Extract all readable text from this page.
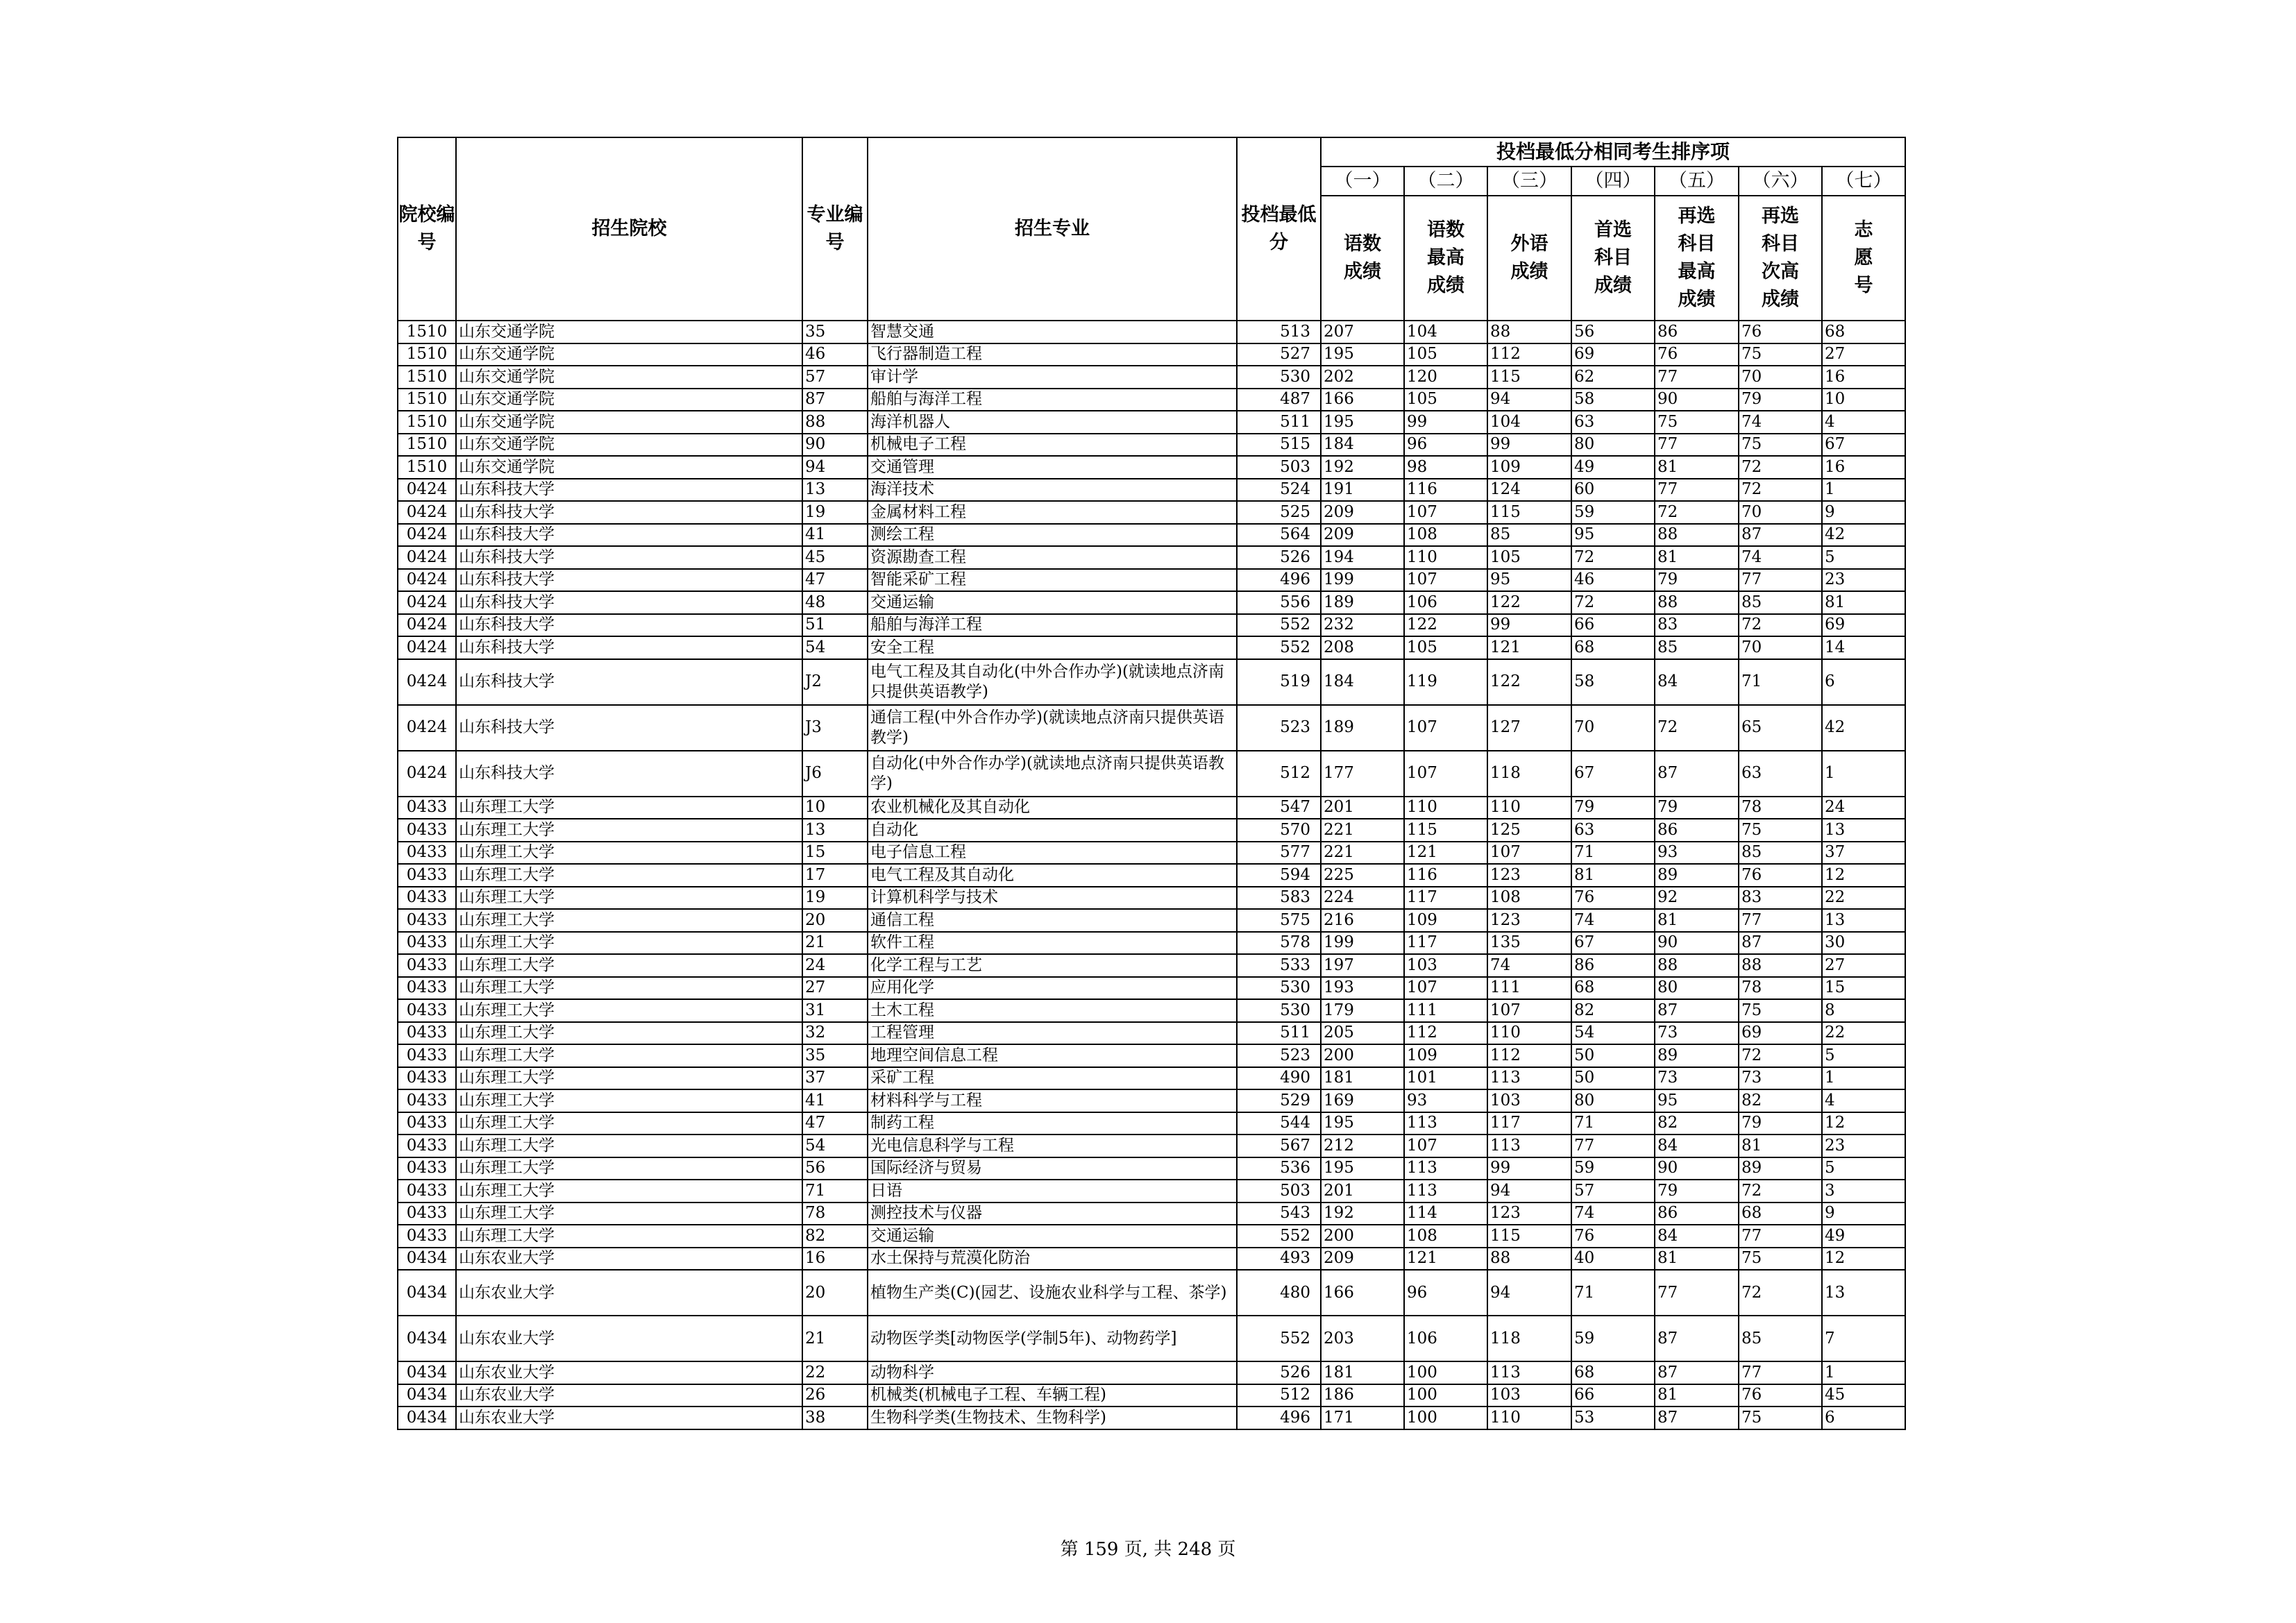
院校编号	招生院校	专业编号	招生专业	投档最低分	投档最低分相同考生排序项						
					（一）	（二）	（三）	（四）	（五）	（六）	（七）
					语数成绩	语数最高成绩	外语成绩	首选科目成绩	再选科目最高成绩	再选科目次高成绩	志愿号
1510	山东交通学院	35	智慧交通	513	207	104	88	56	86	76	68
1510	山东交通学院	46	飞行器制造工程	527	195	105	112	69	76	75	27
1510	山东交通学院	57	审计学	530	202	120	115	62	77	70	16
1510	山东交通学院	87	船舶与海洋工程	487	166	105	94	58	90	79	10
1510	山东交通学院	88	海洋机器人	511	195	99	104	63	75	74	4
1510	山东交通学院	90	机械电子工程	515	184	96	99	80	77	75	67
1510	山东交通学院	94	交通管理	503	192	98	109	49	81	72	16
0424	山东科技大学	13	海洋技术	524	191	116	124	60	77	72	1
0424	山东科技大学	19	金属材料工程	525	209	107	115	59	72	70	9
0424	山东科技大学	41	测绘工程	564	209	108	85	95	88	87	42
0424	山东科技大学	45	资源勘查工程	526	194	110	105	72	81	74	5
0424	山东科技大学	47	智能采矿工程	496	199	107	95	46	79	77	23
0424	山东科技大学	48	交通运输	556	189	106	122	72	88	85	81
0424	山东科技大学	51	船舶与海洋工程	552	232	122	99	66	83	72	69
0424	山东科技大学	54	安全工程	552	208	105	121	68	85	70	14
0424	山东科技大学	J2	电气工程及其自动化(中外合作办学)(就读地点济南只提供英语教学)	519	184	119	122	58	84	71	6
0424	山东科技大学	J3	通信工程(中外合作办学)(就读地点济南只提供英语教学)	523	189	107	127	70	72	65	42
0424	山东科技大学	J6	自动化(中外合作办学)(就读地点济南只提供英语教学)	512	177	107	118	67	87	63	1
0433	山东理工大学	10	农业机械化及其自动化	547	201	110	110	79	79	78	24
0433	山东理工大学	13	自动化	570	221	115	125	63	86	75	13
0433	山东理工大学	15	电子信息工程	577	221	121	107	71	93	85	37
0433	山东理工大学	17	电气工程及其自动化	594	225	116	123	81	89	76	12
0433	山东理工大学	19	计算机科学与技术	583	224	117	108	76	92	83	22
0433	山东理工大学	20	通信工程	575	216	109	123	74	81	77	13
0433	山东理工大学	21	软件工程	578	199	117	135	67	90	87	30
0433	山东理工大学	24	化学工程与工艺	533	197	103	74	86	88	88	27
0433	山东理工大学	27	应用化学	530	193	107	111	68	80	78	15
0433	山东理工大学	31	土木工程	530	179	111	107	82	87	75	8
0433	山东理工大学	32	工程管理	511	205	112	110	54	73	69	22
0433	山东理工大学	35	地理空间信息工程	523	200	109	112	50	89	72	5
0433	山东理工大学	37	采矿工程	490	181	101	113	50	73	73	1
0433	山东理工大学	41	材料科学与工程	529	169	93	103	80	95	82	4
0433	山东理工大学	47	制药工程	544	195	113	117	71	82	79	12
0433	山东理工大学	54	光电信息科学与工程	567	212	107	113	77	84	81	23
0433	山东理工大学	56	国际经济与贸易	536	195	113	99	59	90	89	5
0433	山东理工大学	71	日语	503	201	113	94	57	79	72	3
0433	山东理工大学	78	测控技术与仪器	543	192	114	123	74	86	68	9
0433	山东理工大学	82	交通运输	552	200	108	115	76	84	77	49
0434	山东农业大学	16	水土保持与荒漠化防治	493	209	121	88	40	81	75	12
0434	山东农业大学	20	植物生产类(C)(园艺、设施农业科学与工程、茶学)	480	166	96	94	71	77	72	13
0434	山东农业大学	21	动物医学类[动物医学(学制5年)、动物药学]	552	203	106	118	59	87	85	7
0434	山东农业大学	22	动物科学	526	181	100	113	68	87	77	1
0434	山东农业大学	26	机械类(机械电子工程、车辆工程)	512	186	100	103	66	81	76	45
0434	山东农业大学	38	生物科学类(生物技术、生物科学)	496	171	100	110	53	87	75	6
第 159 页, 共 248 页
